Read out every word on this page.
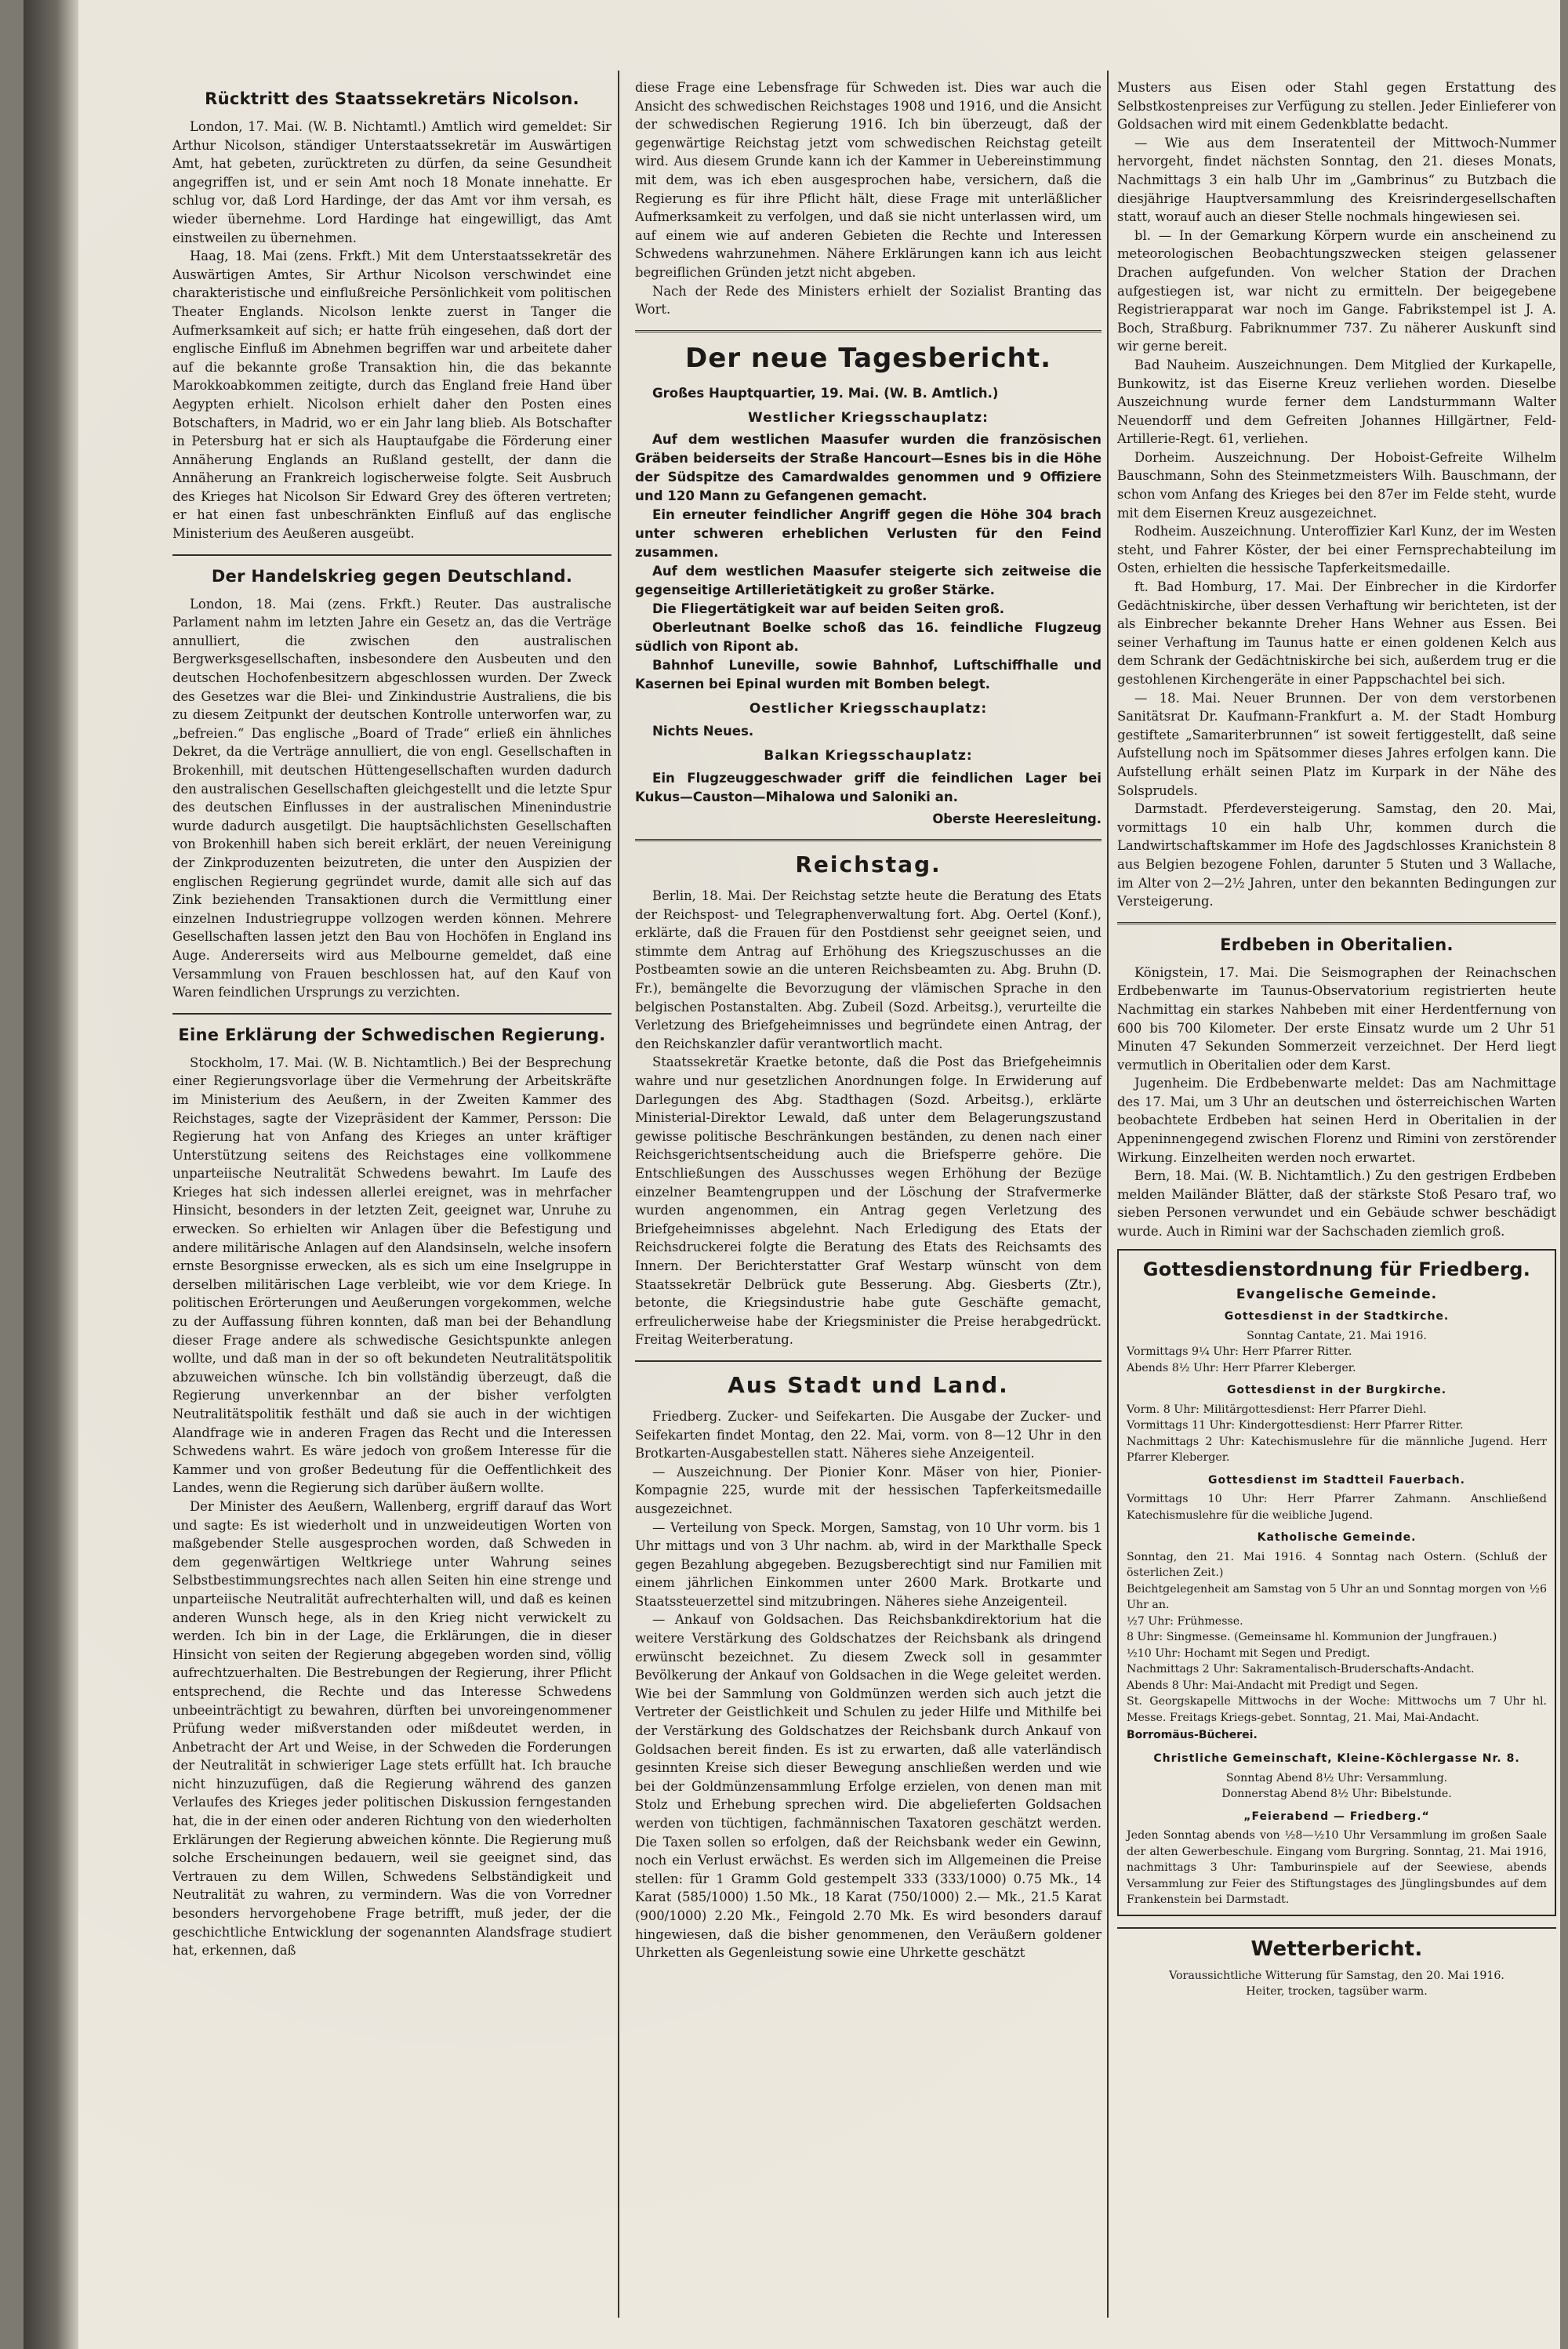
Rücktritt des Staatssekretärs Nicolson.

London, 17. Mai. (W. B. Nichtamtl.) Amtlich wird gemeldet: Sir Arthur Nicolson, ständiger Unterstaatssekretär im Auswärtigen Amt, hat gebeten, zurücktreten zu dürfen, da seine Gesundheit angegriffen ist, und er sein Amt noch 18 Monate innehatte. Er schlug vor, daß Lord Hardinge, der das Amt vor ihm versah, es wieder übernehme. Lord Hardinge hat eingewilligt, das Amt einstweilen zu übernehmen.

Haag, 18. Mai (zens. Frkft.) Mit dem Unterstaatssekretär des Auswärtigen Amtes, Sir Arthur Nicolson verschwindet eine charakteristische und einflußreiche Persönlichkeit vom politischen Theater Englands. Nicolson lenkte zuerst in Tanger die Aufmerksamkeit auf sich; er hatte früh eingesehen, daß dort der englische Einfluß im Abnehmen begriffen war und arbeitete daher auf die bekannte große Transaktion hin, die das bekannte Marokkoabkommen zeitigte, durch das England freie Hand über Aegypten erhielt. Nicolson erhielt daher den Posten eines Botschafters, in Madrid, wo er ein Jahr lang blieb. Als Botschafter in Petersburg hat er sich als Hauptaufgabe die Förderung einer Annäherung Englands an Rußland gestellt, der dann die Annäherung an Frankreich logischerweise folgte. Seit Ausbruch des Krieges hat Nicolson Sir Edward Grey des öfteren vertreten; er hat einen fast unbeschränkten Einfluß auf das englische Ministerium des Aeußeren ausgeübt.

Der Handelskrieg gegen Deutschland.

London, 18. Mai (zens. Frkft.) Reuter. Das australische Parlament nahm im letzten Jahre ein Gesetz an, das die Verträge annulliert, die zwischen den australischen Bergwerksgesellschaften, insbesondere den Ausbeuten und den deutschen Hochofenbesitzern abgeschlossen wurden. Der Zweck des Gesetzes war die Blei- und Zinkindustrie Australiens, die bis zu diesem Zeitpunkt der deutschen Kontrolle unterworfen war, zu „befreien.“ Das englische „Board of Trade“ erließ ein ähnliches Dekret, da die Verträge annulliert, die von engl. Gesellschaften in Brokenhill, mit deutschen Hüttengesellschaften wurden dadurch den australischen Gesellschaften gleichgestellt und die letzte Spur des deutschen Einflusses in der australischen Minenindustrie wurde dadurch ausgetilgt. Die hauptsächlichsten Gesellschaften von Brokenhill haben sich bereit erklärt, der neuen Vereinigung der Zinkproduzenten beizutreten, die unter den Auspizien der englischen Regierung gegründet wurde, damit alle sich auf das Zink beziehenden Transaktionen durch die Vermittlung einer einzelnen Industriegruppe vollzogen werden können. Mehrere Gesellschaften lassen jetzt den Bau von Hochöfen in England ins Auge. Andererseits wird aus Melbourne gemeldet, daß eine Versammlung von Frauen beschlossen hat, auf den Kauf von Waren feindlichen Ursprungs zu verzichten.

Eine Erklärung der Schwedischen Regierung.

Stockholm, 17. Mai. (W. B. Nichtamtlich.) Bei der Besprechung einer Regierungsvorlage über die Vermehrung der Arbeitskräfte im Ministerium des Aeußern, in der Zweiten Kammer des Reichstages, sagte der Vizepräsident der Kammer, Persson: Die Regierung hat von Anfang des Krieges an unter kräftiger Unterstützung seitens des Reichstages eine vollkommene unparteiische Neutralität Schwedens bewahrt. Im Laufe des Krieges hat sich indessen allerlei ereignet, was in mehrfacher Hinsicht, besonders in der letzten Zeit, geeignet war, Unruhe zu erwecken. So erhielten wir Anlagen über die Befestigung und andere militärische Anlagen auf den Alandsinseln, welche insofern ernste Besorgnisse erwecken, als es sich um eine Inselgruppe in derselben militärischen Lage verbleibt, wie vor dem Kriege. In politischen Erörterungen und Aeußerungen vorgekommen, welche zu der Auffassung führen konnten, daß man bei der Behandlung dieser Frage andere als schwedische Gesichtspunkte anlegen wollte, und daß man in der so oft bekundeten Neutralitätspolitik abzuweichen wünsche. Ich bin vollständig überzeugt, daß die Regierung unverkennbar an der bisher verfolgten Neutralitätspolitik festhält und daß sie auch in der wichtigen Alandfrage wie in anderen Fragen das Recht und die Interessen Schwedens wahrt. Es wäre jedoch von großem Interesse für die Kammer und von großer Bedeutung für die Oeffentlichkeit des Landes, wenn die Regierung sich darüber äußern wollte.

Der Minister des Aeußern, Wallenberg, ergriff darauf das Wort und sagte: Es ist wiederholt und in unzweideutigen Worten von maßgebender Stelle ausgesprochen worden, daß Schweden in dem gegenwärtigen Weltkriege unter Wahrung seines Selbstbestimmungsrechtes nach allen Seiten hin eine strenge und unparteiische Neutralität aufrechterhalten will, und daß es keinen anderen Wunsch hege, als in den Krieg nicht verwickelt zu werden. Ich bin in der Lage, die Erklärungen, die in dieser Hinsicht von seiten der Regierung abgegeben worden sind, völlig aufrechtzuerhalten. Die Bestrebungen der Regierung, ihrer Pflicht entsprechend, die Rechte und das Interesse Schwedens unbeeinträchtigt zu bewahren, dürften bei unvoreingenommener Prüfung weder mißverstanden oder mißdeutet werden, in Anbetracht der Art und Weise, in der Schweden die Forderungen der Neutralität in schwieriger Lage stets erfüllt hat. Ich brauche nicht hinzuzufügen, daß die Regierung während des ganzen Verlaufes des Krieges jeder politischen Diskussion ferngestanden hat, die in der einen oder anderen Richtung von den wiederholten Erklärungen der Regierung abweichen könnte. Die Regierung muß solche Erscheinungen bedauern, weil sie geeignet sind, das Vertrauen zu dem Willen, Schwedens Selbständigkeit und Neutralität zu wahren, zu vermindern. Was die von Vorredner besonders hervorgehobene Frage betrifft, muß jeder, der die geschichtliche Entwicklung der sogenannten Alandsfrage studiert hat, erkennen, daß

diese Frage eine Lebensfrage für Schweden ist. Dies war auch die Ansicht des schwedischen Reichstages 1908 und 1916, und die Ansicht der schwedischen Regierung 1916. Ich bin überzeugt, daß der gegenwärtige Reichstag jetzt vom schwedischen Reichstag geteilt wird. Aus diesem Grunde kann ich der Kammer in Uebereinstimmung mit dem, was ich eben ausgesprochen habe, versichern, daß die Regierung es für ihre Pflicht hält, diese Frage mit unterläßlicher Aufmerksamkeit zu verfolgen, und daß sie nicht unterlassen wird, um auf einem wie auf anderen Gebieten die Rechte und Interessen Schwedens wahrzunehmen. Nähere Erklärungen kann ich aus leicht begreiflichen Gründen jetzt nicht abgeben.

Nach der Rede des Ministers erhielt der Sozialist Branting das Wort.

Der neue Tagesbericht.

Großes Hauptquartier, 19. Mai. (W. B. Amtlich.)

Westlicher Kriegsschauplatz:

Auf dem westlichen Maasufer wurden die französischen Gräben beiderseits der Straße Hancourt—Esnes bis in die Höhe der Südspitze des Camardwaldes genommen und 9 Offiziere und 120 Mann zu Gefangenen gemacht.

Ein erneuter feindlicher Angriff gegen die Höhe 304 brach unter schweren erheblichen Verlusten für den Feind zusammen.

Auf dem westlichen Maasufer steigerte sich zeitweise die gegenseitige Artillerietätigkeit zu großer Stärke.

Die Fliegertätigkeit war auf beiden Seiten groß.

Oberleutnant Boelke schoß das 16. feindliche Flugzeug südlich von Ripont ab.

Bahnhof Luneville, sowie Bahnhof, Luftschiffhalle und Kasernen bei Epinal wurden mit Bomben belegt.

Oestlicher Kriegsschauplatz:

Nichts Neues.

Balkan Kriegsschauplatz:

Ein Flugzeuggeschwader griff die feindlichen Lager bei Kukus—Causton—Mihalowa und Saloniki an.

Oberste Heeresleitung.
Reichstag.

Berlin, 18. Mai. Der Reichstag setzte heute die Beratung des Etats der Reichspost- und Telegraphenverwaltung fort. Abg. Oertel (Konf.), erklärte, daß die Frauen für den Postdienst sehr geeignet seien, und stimmte dem Antrag auf Erhöhung des Kriegszuschusses an die Postbeamten sowie an die unteren Reichsbeamten zu. Abg. Bruhn (D. Fr.), bemängelte die Bevorzugung der vlämischen Sprache in den belgischen Postanstalten. Abg. Zubeil (Sozd. Arbeitsg.), verurteilte die Verletzung des Briefgeheimnisses und begründete einen Antrag, der den Reichskanzler dafür verantwortlich macht.

Staatssekretär Kraetke betonte, daß die Post das Briefgeheimnis wahre und nur gesetzlichen Anordnungen folge. In Erwiderung auf Darlegungen des Abg. Stadthagen (Sozd. Arbeitsg.), erklärte Ministerial-Direktor Lewald, daß unter dem Belagerungszustand gewisse politische Beschränkungen beständen, zu denen nach einer Reichsgerichtsentscheidung auch die Briefsperre gehöre. Die Entschließungen des Ausschusses wegen Erhöhung der Bezüge einzelner Beamtengruppen und der Löschung der Strafvermerke wurden angenommen, ein Antrag gegen Verletzung des Briefgeheimnisses abgelehnt. Nach Erledigung des Etats der Reichsdruckerei folgte die Beratung des Etats des Reichsamts des Innern. Der Berichterstatter Graf Westarp wünscht von dem Staatssekretär Delbrück gute Besserung. Abg. Giesberts (Ztr.), betonte, die Kriegsindustrie habe gute Geschäfte gemacht, erfreulicherweise habe der Kriegsminister die Preise herabgedrückt. Freitag Weiterberatung.

Aus Stadt und Land.

Friedberg. Zucker- und Seifekarten. Die Ausgabe der Zucker- und Seifekarten findet Montag, den 22. Mai, vorm. von 8—12 Uhr in den Brotkarten-Ausgabestellen statt. Näheres siehe Anzeigenteil.

— Auszeichnung. Der Pionier Konr. Mäser von hier, Pionier-Kompagnie 225, wurde mit der hessischen Tapferkeitsmedaille ausgezeichnet.

— Verteilung von Speck. Morgen, Samstag, von 10 Uhr vorm. bis 1 Uhr mittags und von 3 Uhr nachm. ab, wird in der Markthalle Speck gegen Bezahlung abgegeben. Bezugsberechtigt sind nur Familien mit einem jährlichen Einkommen unter 2600 Mark. Brotkarte und Staatssteuerzettel sind mitzubringen. Näheres siehe Anzeigenteil.

— Ankauf von Goldsachen. Das Reichsbankdirektorium hat die weitere Verstärkung des Goldschatzes der Reichsbank als dringend erwünscht bezeichnet. Zu diesem Zweck soll in gesammter Bevölkerung der Ankauf von Goldsachen in die Wege geleitet werden. Wie bei der Sammlung von Goldmünzen werden sich auch jetzt die Vertreter der Geistlichkeit und Schulen zu jeder Hilfe und Mithilfe bei der Verstärkung des Goldschatzes der Reichsbank durch Ankauf von Goldsachen bereit finden. Es ist zu erwarten, daß alle vaterländisch gesinnten Kreise sich dieser Bewegung anschließen werden und wie bei der Goldmünzensammlung Erfolge erzielen, von denen man mit Stolz und Erhebung sprechen wird. Die abgelieferten Goldsachen werden von tüchtigen, fachmännischen Taxatoren geschätzt werden. Die Taxen sollen so erfolgen, daß der Reichsbank weder ein Gewinn, noch ein Verlust erwächst. Es werden sich im Allgemeinen die Preise stellen: für 1 Gramm Gold gestempelt 333 (333/1000) 0.75 Mk., 14 Karat (585/1000) 1.50 Mk., 18 Karat (750/1000) 2.— Mk., 21.5 Karat (900/1000) 2.20 Mk., Feingold 2.70 Mk. Es wird besonders darauf hingewiesen, daß die bisher genommenen, den Veräußern goldener Uhrketten als Gegenleistung sowie eine Uhrkette geschätzt

Musters aus Eisen oder Stahl gegen Erstattung des Selbstkostenpreises zur Verfügung zu stellen. Jeder Einlieferer von Goldsachen wird mit einem Gedenkblatte bedacht.

— Wie aus dem Inseratenteil der Mittwoch-Nummer hervorgeht, findet nächsten Sonntag, den 21. dieses Monats, Nachmittags 3 ein halb Uhr im „Gambrinus“ zu Butzbach die diesjährige Hauptversammlung des Kreisrindergesellschaften statt, worauf auch an dieser Stelle nochmals hingewiesen sei.

bl. — In der Gemarkung Körpern wurde ein anscheinend zu meteorologischen Beobachtungszwecken steigen gelassener Drachen aufgefunden. Von welcher Station der Drachen aufgestiegen ist, war nicht zu ermitteln. Der beigegebene Registrierapparat war noch im Gange. Fabrikstempel ist J. A. Boch, Straßburg. Fabriknummer 737. Zu näherer Auskunft sind wir gerne bereit.

Bad Nauheim. Auszeichnungen. Dem Mitglied der Kurkapelle, Bunkowitz, ist das Eiserne Kreuz verliehen worden. Dieselbe Auszeichnung wurde ferner dem Landsturmmann Walter Neuendorff und dem Gefreiten Johannes Hillgärtner, Feld-Artillerie-Regt. 61, verliehen.

Dorheim. Auszeichnung. Der Hoboist-Gefreite Wilhelm Bauschmann, Sohn des Steinmetzmeisters Wilh. Bauschmann, der schon vom Anfang des Krieges bei den 87er im Felde steht, wurde mit dem Eisernen Kreuz ausgezeichnet.

Rodheim. Auszeichnung. Unteroffizier Karl Kunz, der im Westen steht, und Fahrer Köster, der bei einer Fernsprechabteilung im Osten, erhielten die hessische Tapferkeitsmedaille.

ft. Bad Homburg, 17. Mai. Der Einbrecher in die Kirdorfer Gedächtniskirche, über dessen Verhaftung wir berichteten, ist der als Einbrecher bekannte Dreher Hans Wehner aus Essen. Bei seiner Verhaftung im Taunus hatte er einen goldenen Kelch aus dem Schrank der Gedächtniskirche bei sich, außerdem trug er die gestohlenen Kirchengeräte in einer Pappschachtel bei sich.

— 18. Mai. Neuer Brunnen. Der von dem verstorbenen Sanitätsrat Dr. Kaufmann-Frankfurt a. M. der Stadt Homburg gestiftete „Samariterbrunnen“ ist soweit fertiggestellt, daß seine Aufstellung noch im Spätsommer dieses Jahres erfolgen kann. Die Aufstellung erhält seinen Platz im Kurpark in der Nähe des Solsprudels.

Darmstadt. Pferdeversteigerung. Samstag, den 20. Mai, vormittags 10 ein halb Uhr, kommen durch die Landwirtschaftskammer im Hofe des Jagdschlosses Kranichstein 8 aus Belgien bezogene Fohlen, darunter 5 Stuten und 3 Wallache, im Alter von 2—2½ Jahren, unter den bekannten Bedingungen zur Versteigerung.

Erdbeben in Oberitalien.

Königstein, 17. Mai. Die Seismographen der Reinachschen Erdbebenwarte im Taunus-Observatorium registrierten heute Nachmittag ein starkes Nahbeben mit einer Herdentfernung von 600 bis 700 Kilometer. Der erste Einsatz wurde um 2 Uhr 51 Minuten 47 Sekunden Sommerzeit verzeichnet. Der Herd liegt vermutlich in Oberitalien oder dem Karst.

Jugenheim. Die Erdbebenwarte meldet: Das am Nachmittage des 17. Mai, um 3 Uhr an deutschen und österreichischen Warten beobachtete Erdbeben hat seinen Herd in Oberitalien in der Appeninnengegend zwischen Florenz und Rimini von zerstörender Wirkung. Einzelheiten werden noch erwartet.

Bern, 18. Mai. (W. B. Nichtamtlich.) Zu den gestrigen Erdbeben melden Mailänder Blätter, daß der stärkste Stoß Pesaro traf, wo sieben Personen verwundet und ein Gebäude schwer beschädigt wurde. Auch in Rimini war der Sachschaden ziemlich groß.

Gottesdienstordnung für Friedberg.
Evangelische Gemeinde.
Gottesdienst in der Stadtkirche.

Sonntag Cantate, 21. Mai 1916.

Vormittags 9¼ Uhr: Herr Pfarrer Ritter.

Abends 8½ Uhr: Herr Pfarrer Kleberger.

Gottesdienst in der Burgkirche.

Vorm. 8 Uhr: Militärgottesdienst: Herr Pfarrer Diehl.

Vormittags 11 Uhr: Kindergottesdienst: Herr Pfarrer Ritter.

Nachmittags 2 Uhr: Katechismuslehre für die männliche Jugend. Herr Pfarrer Kleberger.

Gottesdienst im Stadtteil Fauerbach.

Vormittags 10 Uhr: Herr Pfarrer Zahmann. Anschließend Katechismuslehre für die weibliche Jugend.

Katholische Gemeinde.

Sonntag, den 21. Mai 1916. 4 Sonntag nach Ostern. (Schluß der österlichen Zeit.)

Beichtgelegenheit am Samstag von 5 Uhr an und Sonntag morgen von ½6 Uhr an.

½7 Uhr: Frühmesse.

8 Uhr: Singmesse. (Gemeinsame hl. Kommunion der Jungfrauen.)

½10 Uhr: Hochamt mit Segen und Predigt.

Nachmittags 2 Uhr: Sakramentalisch-Bruderschafts-Andacht.

Abends 8 Uhr: Mai-Andacht mit Predigt und Segen.

St. Georgskapelle Mittwochs in der Woche: Mittwochs um 7 Uhr hl. Messe. Freitags Kriegs-gebet. Sonntag, 21. Mai, Mai-Andacht.

Borromäus-Bücherei.

Christliche Gemeinschaft, Kleine-Köchlergasse Nr. 8.

Sonntag Abend 8½ Uhr: Versammlung.

Donnerstag Abend 8½ Uhr: Bibelstunde.

„Feierabend — Friedberg.“

Jeden Sonntag abends von ½8—½10 Uhr Versammlung im großen Saale der alten Gewerbeschule. Eingang vom Burgring. Sonntag, 21. Mai 1916, nachmittags 3 Uhr: Tamburinspiele auf der Seewiese, abends Versammlung zur Feier des Stiftungstages des Jünglingsbundes auf dem Frankenstein bei Darmstadt.

Wetterbericht.

Voraussichtliche Witterung für Samstag, den 20. Mai 1916.

Heiter, trocken, tagsüber warm.
